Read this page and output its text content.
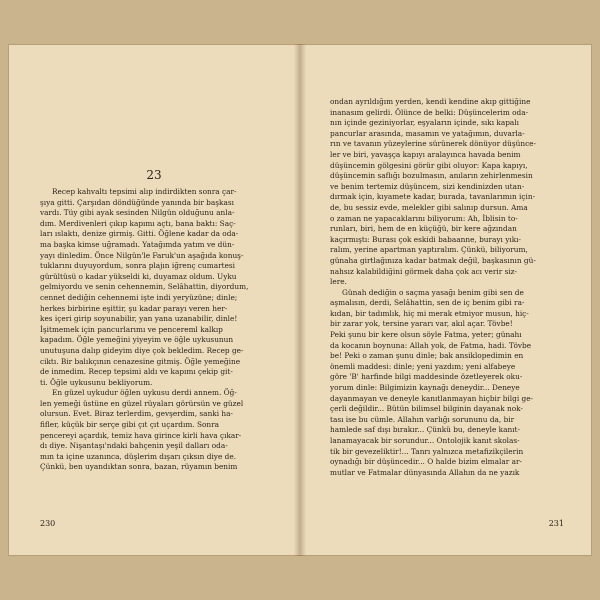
23
Recep kahvaltı tepsimi alıp indirdikten sonra çar-
şıya gitti. Çarşıdan döndüğünde yanında bir başkası
vardı. Tüy gibi ayak sesinden Nilgün olduğunu anla-
dım. Merdivenleri çıkıp kapımı açtı, bana baktı: Saç-
ları ıslaktı, denize girmiş. Gitti. Öğlene kadar da oda-
ma başka kimse uğramadı. Yatağımda yatım ve dün-
yayı dinledim. Önce Nilgün'le Faruk'un aşağıda konuş-
tuklarını duyuyordum, sonra plajın iğrenç cumartesi
gürültüsü o kadar yükseldi ki, duyamaz oldum. Uyku
gelmiyordu ve senin cehennemin, Selâhattin, diyordum,
cennet dediğin cehennemi işte indi yeryüzüne; dinle;
herkes birbirine eşittir, şu kadar parayı veren her-
kes içeri girip soyunabilir, yan yana uzanabilir, dinle!
İşitmemek için pancurlarımı ve pencereml kalkıp
kapadım. Öğle yemeğini yiyeyim ve öğle uykusunun
unutuşuna dalıp gideyim diye çok bekledim. Recep ge-
ciktı. Bir balıkçının cenazesine gitmiş. Öğle yemeğine
de inmedim. Recep tepsimi aldı ve kapımı çekip git-
ti. Öğle uykusunu bekliyorum.
En güzel uykudur öğlen uykusu derdi annem. Öğ-
len yemeği üstüne en güzel rüyaları görürsün ve güzel
olursun. Evet. Biraz terlerdim, gevşerdim, sanki ha-
fifler, küçük bir serçe gibi çıt çıt uçardım. Sonra
pencereyi açardık, temiz hava girince kirli hava çıkar-
dı diye. Nişantaşı'ndaki bahçenin yeşil dalları oda-
mın ta içine uzanınca, düşlerim dışarı çıksın diye de.
Çünkü, ben uyandıktan sonra, bazan, rüyamın benim
230
ondan ayrıldığım yerden, kendi kendine akıp gittiğine
inanasım gelirdi. Ölünce de belki: Düşüncelerim oda-
nın içinde geziniyorlar, eşyaların içinde, sıkı kapalı
pancurlar arasında, masamın ve yatağımın, duvarla-
rın ve tavanın yüzeylerine sürünerek dönüyor düşünce-
ler ve biri, yavaşça kapıyı aralayınca havada benim
düşüncemin gölgesini görür gibi oluyor: Kapa kapıyı,
düşüncemin saflığı bozulmasın, anıların zehirlenmesin
ve benim tertemiz düşüncem, sizi kendinizden utan-
dırmak için, kıyamete kadar, burada, tavanlarımın için-
de, bu sessiz evde, melekler gibi salınıp dursun. Ama
o zaman ne yapacaklarını biliyorum: Ah, İblisin to-
runları, biri, hem de en küçüğü, bir kere ağzından
kaçırmıştı: Burası çok eskidi babaanne, burayı yıkı-
ralım, yerine apartman yaptıralım. Çünkü, biliyorum,
günaha girtlağınıza kadar batmak değil, başkasının gü-
nahsız kalabildiğini görmek daha çok acı verir siz-
lere.
Günah dediğin o saçma yasağı benim gibi sen de
aşmalısın, derdi, Selâhattin, sen de iç benim gibi ra-
kıdan, bir tadımlık, hiç mi merak etmiyor musun, hiç-
bir zarar yok, tersine yararı var, akıl açar. Tövbe!
Peki şunu bir kere olsun söyle Fatma, yeter; günahı
da kocanın boynuna: Allah yok, de Fatma, hadi. Tövbe
be! Peki o zaman şunu dinle; bak ansiklopedimin en
önemli maddesi: dinle; yeni yazdım; yeni alfabeye
göre 'B' harfinde bilgi maddesinde özetleyerek oku-
yorum dinle: Bilgimizin kaynağı deneydir... Deneye
dayanmayan ve deneyle kanıtlanmayan hiçbir bilgi ge-
çerli değildir... Bütün bilimsel bilginin dayanak nok-
tası ise bu cümle. Allahın varlığı sorununu da, bir
hamlede saf dışı bırakır... Çünkü bu, deneyle kanıt-
lanamayacak bir sorundur... Ontolojik kanıt skolas-
tik bir gevezeliktir!... Tanrı yalnızca metafizikçilerin
oynadığı bir düşüncedir... O halde bizim elmalar ar-
mutlar ve Fatmalar dünyasında Allahın da ne yazık
231
